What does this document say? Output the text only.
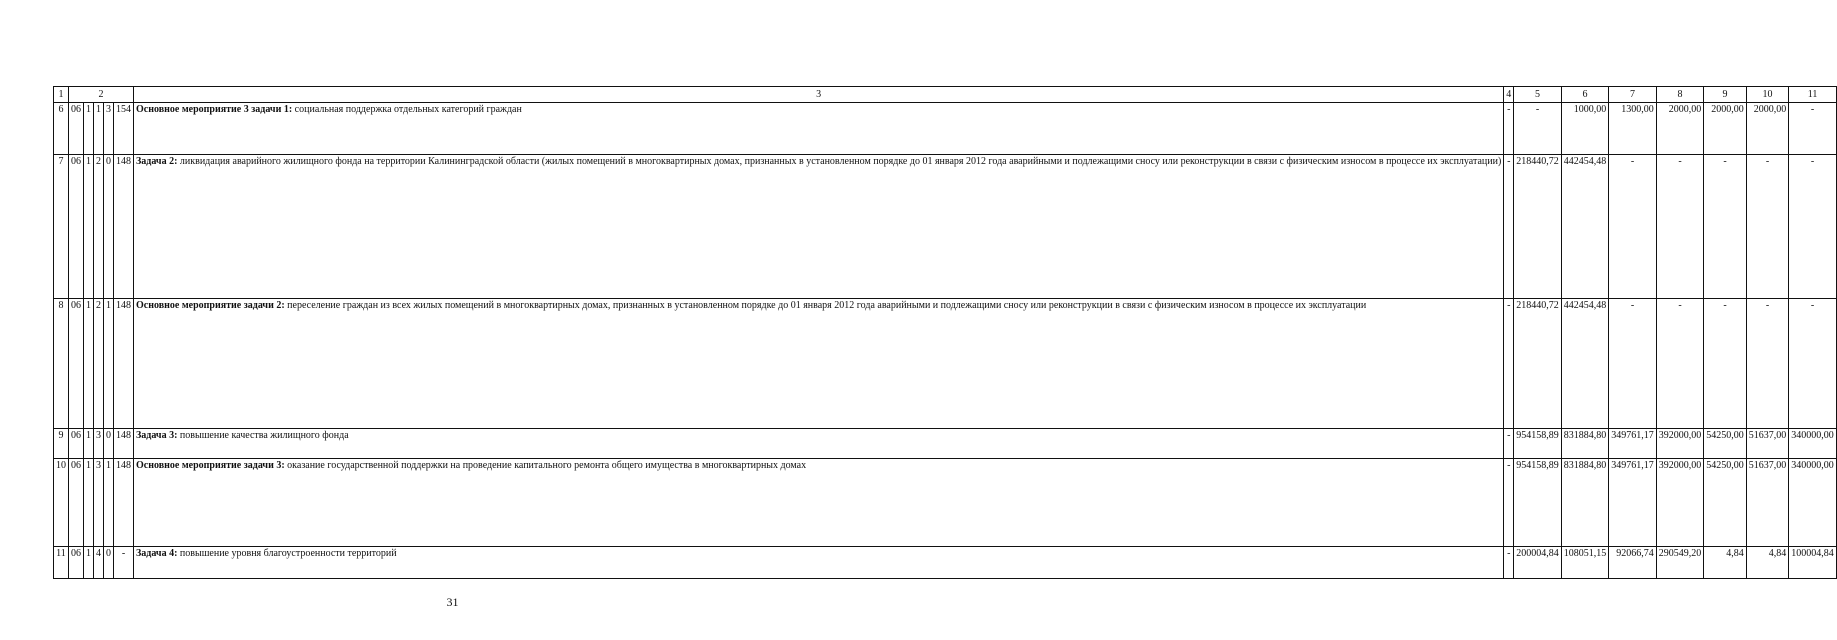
1	2					3	4	5	6	7	8	9	10	11
6	06	1	1	3	154	Основное мероприятие 3 задачи 1: социальная поддержка отдельных категорий граждан	-	-	1000,00	1300,00	2000,00	2000,00	2000,00	-
7	06	1	2	0	148	Задача 2: ликвидация аварийного жилищного фонда на территории Калининградской области (жилых помещений в многоквартирных домах, признанных в установленном порядке до 01 января 2012 года аварийными и подлежащими сносу или реконструкции в связи с физическим износом в процессе их эксплуатации)	-	218440,72	442454,48	-	-	-	-	-
8	06	1	2	1	148	Основное мероприятие задачи 2: переселение граждан из всех жилых помещений в многоквартирных домах, признанных в установленном порядке до 01 января 2012 года аварийными и подлежащими сносу или реконструкции в связи с физическим износом в процессе их эксплуатации	-	218440,72	442454,48	-	-	-	-	-
9	06	1	3	0	148	Задача 3: повышение качества жилищного фонда	-	954158,89	831884,80	349761,17	392000,00	54250,00	51637,00	340000,00
10	06	1	3	1	148	Основное мероприятие задачи 3: оказание государственной поддержки на проведение капитального ремонта общего имущества в многоквартирных домах	-	954158,89	831884,80	349761,17	392000,00	54250,00	51637,00	340000,00
11	06	1	4	0	-	Задача 4: повышение уровня благоустроенности территорий	-	200004,84	108051,15	92066,74	290549,20	4,84	4,84	100004,84
31
